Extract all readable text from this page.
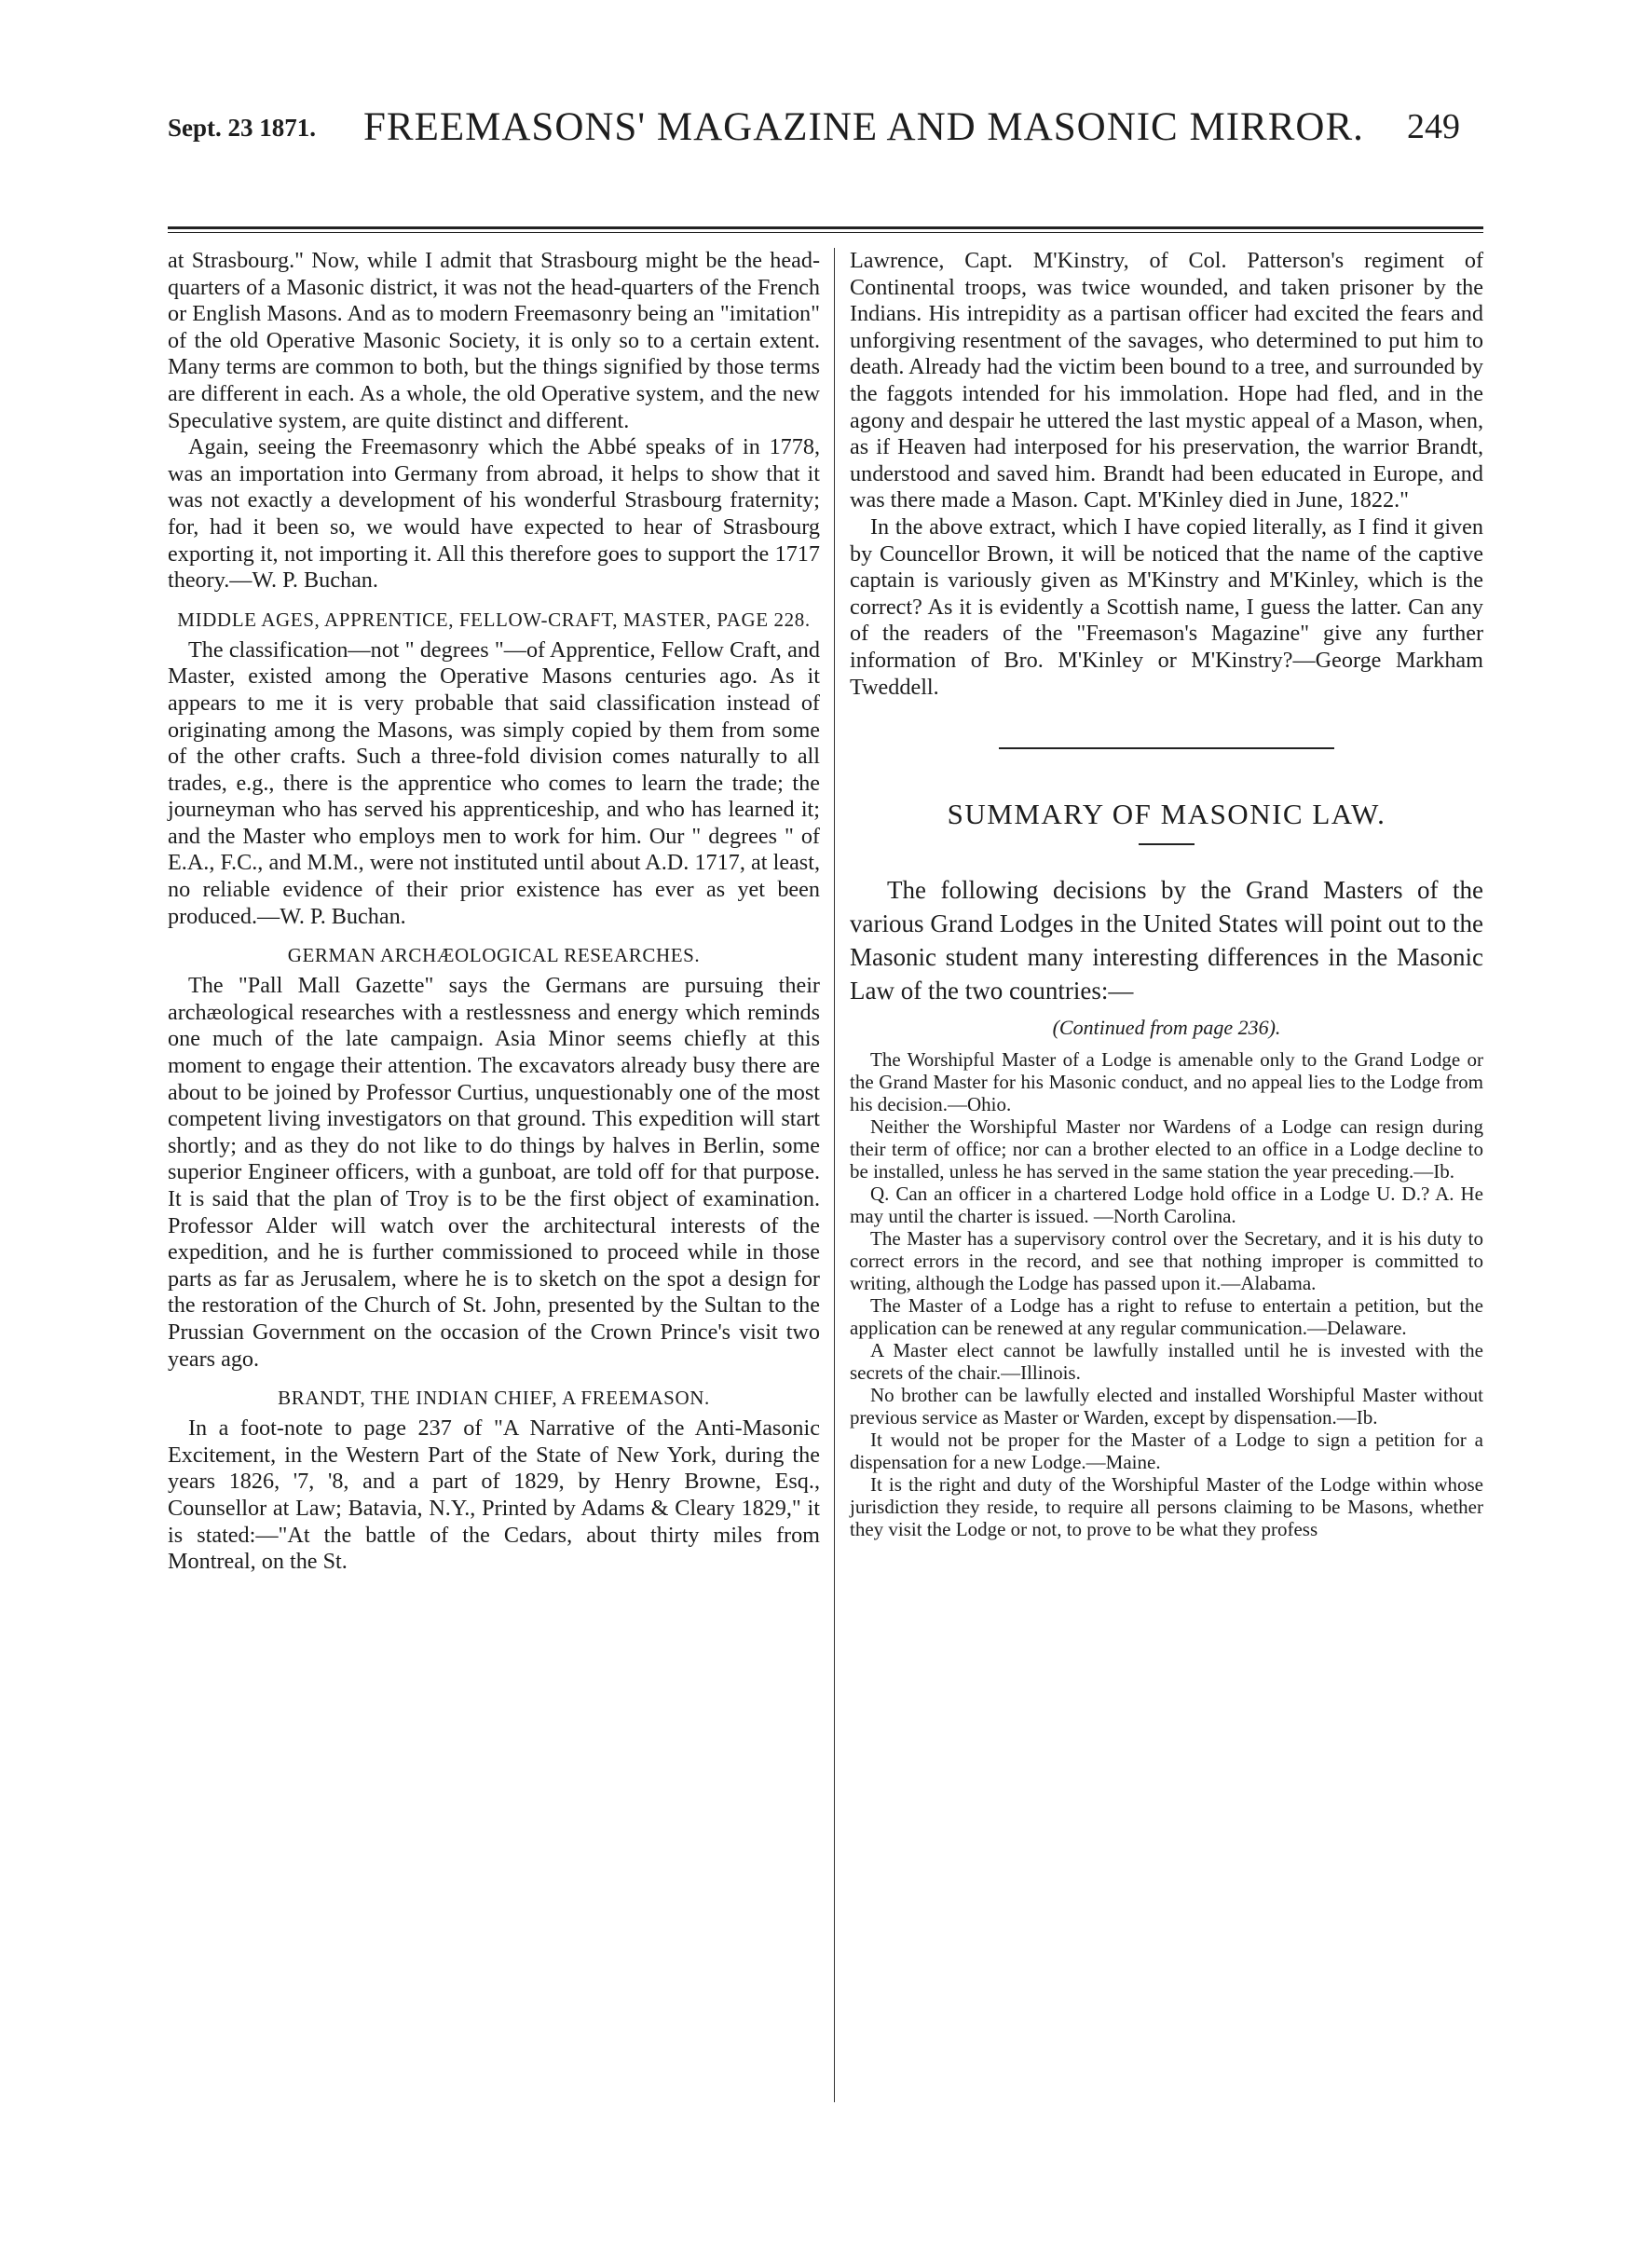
Sept. 23 1871. FREEMASONS' MAGAZINE AND MASONIC MIRROR. 249

at Strasbourg." Now, while I admit that Strasbourg might be the head-quarters of a Masonic district, it was not the head-quarters of the French or English Masons. And as to modern Freemasonry being an "imitation" of the old Operative Masonic Society, it is only so to a certain extent. Many terms are common to both, but the things signified by those terms are different in each. As a whole, the old Operative system, and the new Speculative system, are quite distinct and different.

Again, seeing the Freemasonry which the Abbé speaks of in 1778, was an importation into Germany from abroad, it helps to show that it was not exactly a development of his wonderful Strasbourg fraternity; for, had it been so, we would have expected to hear of Strasbourg exporting it, not importing it. All this therefore goes to support the 1717 theory.—W. P. Buchan.

MIDDLE AGES, APPRENTICE, FELLOW-CRAFT, MASTER, PAGE 228.

The classification—not " degrees "—of Apprentice, Fellow Craft, and Master, existed among the Operative Masons centuries ago. As it appears to me it is very probable that said classification instead of originating among the Masons, was simply copied by them from some of the other crafts. Such a three-fold division comes naturally to all trades, e.g., there is the apprentice who comes to learn the trade; the journeyman who has served his apprenticeship, and who has learned it; and the Master who employs men to work for him. Our " degrees " of E.A., F.C., and M.M., were not instituted until about A.D. 1717, at least, no reliable evidence of their prior existence has ever as yet been produced.—W. P. Buchan.

GERMAN ARCHÆOLOGICAL RESEARCHES.

The "Pall Mall Gazette" says the Germans are pursuing their archæological researches with a restlessness and energy which reminds one much of the late campaign. Asia Minor seems chiefly at this moment to engage their attention. The excavators already busy there are about to be joined by Professor Curtius, unquestionably one of the most competent living investigators on that ground. This expedition will start shortly; and as they do not like to do things by halves in Berlin, some superior Engineer officers, with a gunboat, are told off for that purpose. It is said that the plan of Troy is to be the first object of examination. Professor Alder will watch over the architectural interests of the expedition, and he is further commissioned to proceed while in those parts as far as Jerusalem, where he is to sketch on the spot a design for the restoration of the Church of St. John, presented by the Sultan to the Prussian Government on the occasion of the Crown Prince's visit two years ago.

BRANDT, THE INDIAN CHIEF, A FREEMASON.

In a foot-note to page 237 of "A Narrative of the Anti-Masonic Excitement, in the Western Part of the State of New York, during the years 1826, '7, '8, and a part of 1829, by Henry Browne, Esq., Counsellor at Law; Batavia, N.Y., Printed by Adams & Cleary 1829," it is stated:—"At the battle of the Cedars, about thirty miles from Montreal, on the St.

Lawrence, Capt. M'Kinstry, of Col. Patterson's regiment of Continental troops, was twice wounded, and taken prisoner by the Indians. His intrepidity as a partisan officer had excited the fears and unforgiving resentment of the savages, who determined to put him to death. Already had the victim been bound to a tree, and surrounded by the faggots intended for his immolation. Hope had fled, and in the agony and despair he uttered the last mystic appeal of a Mason, when, as if Heaven had interposed for his preservation, the warrior Brandt, understood and saved him. Brandt had been educated in Europe, and was there made a Mason. Capt. M'Kinley died in June, 1822."

In the above extract, which I have copied literally, as I find it given by Councellor Brown, it will be noticed that the name of the captive captain is variously given as M'Kinstry and M'Kinley, which is the correct? As it is evidently a Scottish name, I guess the latter. Can any of the readers of the "Freemason's Magazine" give any further information of Bro. M'Kinley or M'Kinstry?—George Markham Tweddell.

SUMMARY OF MASONIC LAW.

The following decisions by the Grand Masters of the various Grand Lodges in the United States will point out to the Masonic student many interesting differences in the Masonic Law of the two countries:—

(Continued from page 236).

The Worshipful Master of a Lodge is amenable only to the Grand Lodge or the Grand Master for his Masonic conduct, and no appeal lies to the Lodge from his decision.—Ohio.

Neither the Worshipful Master nor Wardens of a Lodge can resign during their term of office; nor can a brother elected to an office in a Lodge decline to be installed, unless he has served in the same station the year preceding.—Ib.

Q. Can an officer in a chartered Lodge hold office in a Lodge U. D.? A. He may until the charter is issued. —North Carolina.

The Master has a supervisory control over the Secretary, and it is his duty to correct errors in the record, and see that nothing improper is committed to writing, although the Lodge has passed upon it.—Alabama.

The Master of a Lodge has a right to refuse to entertain a petition, but the application can be renewed at any regular communication.—Delaware.

A Master elect cannot be lawfully installed until he is invested with the secrets of the chair.—Illinois.

No brother can be lawfully elected and installed Worshipful Master without previous service as Master or Warden, except by dispensation.—Ib.

It would not be proper for the Master of a Lodge to sign a petition for a dispensation for a new Lodge.—Maine.

It is the right and duty of the Worshipful Master of the Lodge within whose jurisdiction they reside, to require all persons claiming to be Masons, whether they visit the Lodge or not, to prove to be what they profess
